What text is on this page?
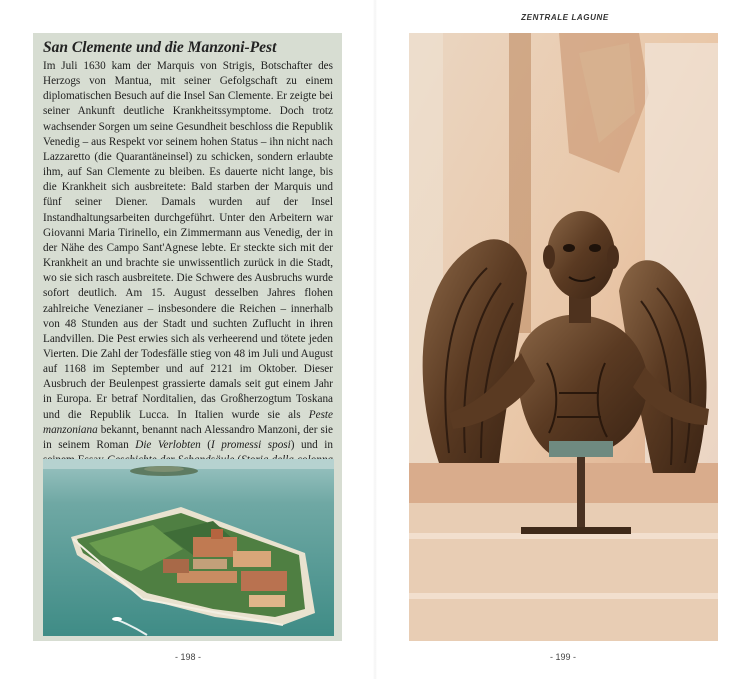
ZENTRALE LAGUNE
San Clemente und die Manzoni-Pest

Im Juli 1630 kam der Marquis von Strigis, Botschafter des Herzogs von Mantua, mit seiner Gefolgschaft zu einem diplomatischen Besuch auf die Insel San Clemente. Er zeigte bei seiner Ankunft deutliche Krankheitssymptome. Doch trotz wachsender Sorgen um seine Gesundheit beschloss die Republik Venedig – aus Respekt vor seinem hohen Status – ihn nicht nach Lazzaretto (die Quarantäneinsel) zu schicken, sondern erlaubte ihm, auf San Clemente zu bleiben. Es dauerte nicht lange, bis die Krankheit sich ausbreitete: Bald starben der Marquis und fünf seiner Diener. Damals wurden auf der Insel Instandhaltungsarbeiten durchgeführt. Unter den Arbeitern war Giovanni Maria Tirinello, ein Zimmermann aus Venedig, der in der Nähe des Campo Sant'Agnese lebte. Er steckte sich mit der Krankheit an und brachte sie unwissentlich zurück in die Stadt, wo sie sich rasch ausbreitete. Die Schwere des Ausbruchs wurde sofort deutlich. Am 15. August desselben Jahres flohen zahlreiche Venezianer – insbesondere die Reichen – innerhalb von 48 Stunden aus der Stadt und suchten Zuflucht in ihren Landvillen. Die Pest erwies sich als verheerend und tötete jeden Vierten. Die Zahl der Todesfälle stieg von 48 im Juli und August auf 1168 im September und auf 2121 im Oktober. Dieser Ausbruch der Beulenpest grassierte damals seit gut einem Jahr in Europa. Er betraf Norditalien, das Großherzogtum Toskana und die Republik Lucca. In Italien wurde sie als Peste manzoniana bekannt, benannt nach Alessandro Manzoni, der sie in seinem Roman Die Verlobten (I promessi sposi) und in

- 198 -	- 199 -
